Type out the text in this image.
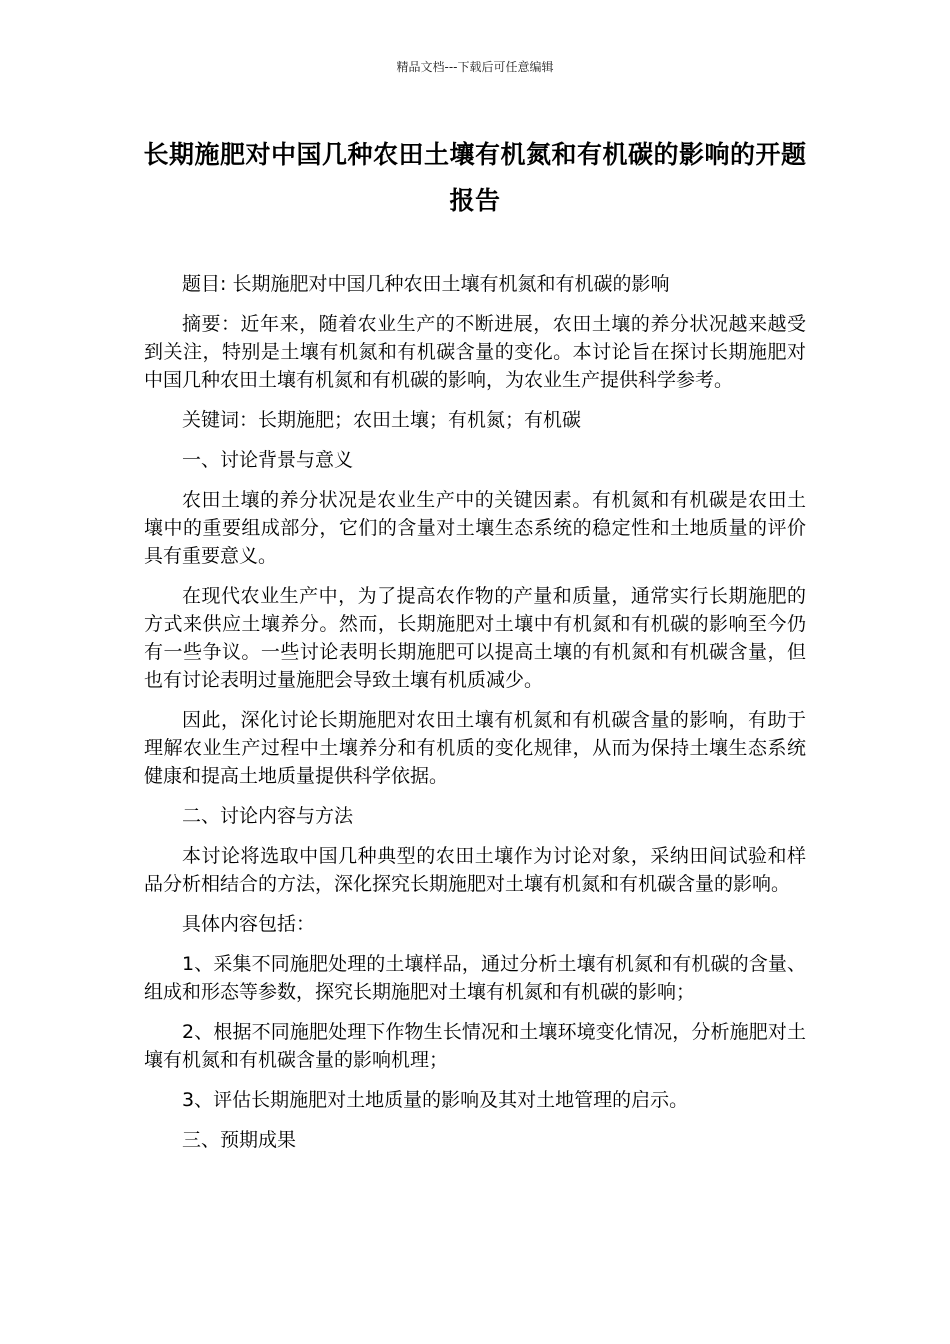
精品文档---下载后可任意编辑
长期施肥对中国几种农田土壤有机氮和有机碳的影响的开题报告

题目: 长期施肥对中国几种农田土壤有机氮和有机碳的影响

摘要：近年来，随着农业生产的不断进展，农田土壤的养分状况越来越受到关注，特别是土壤有机氮和有机碳含量的变化。本讨论旨在探讨长期施肥对中国几种农田土壤有机氮和有机碳的影响，为农业生产提供科学参考。

关键词：长期施肥；农田土壤；有机氮；有机碳

一、讨论背景与意义

农田土壤的养分状况是农业生产中的关键因素。有机氮和有机碳是农田土壤中的重要组成部分，它们的含量对土壤生态系统的稳定性和土地质量的评价具有重要意义。

在现代农业生产中，为了提高农作物的产量和质量，通常实行长期施肥的方式来供应土壤养分。然而，长期施肥对土壤中有机氮和有机碳的影响至今仍有一些争议。一些讨论表明长期施肥可以提高土壤的有机氮和有机碳含量，但也有讨论表明过量施肥会导致土壤有机质减少。

因此，深化讨论长期施肥对农田土壤有机氮和有机碳含量的影响，有助于理解农业生产过程中土壤养分和有机质的变化规律，从而为保持土壤生态系统健康和提高土地质量提供科学依据。

二、讨论内容与方法

本讨论将选取中国几种典型的农田土壤作为讨论对象，采纳田间试验和样品分析相结合的方法，深化探究长期施肥对土壤有机氮和有机碳含量的影响。

具体内容包括：

1、采集不同施肥处理的土壤样品，通过分析土壤有机氮和有机碳的含量、组成和形态等参数，探究长期施肥对土壤有机氮和有机碳的影响；

2、根据不同施肥处理下作物生长情况和土壤环境变化情况，分析施肥对土壤有机氮和有机碳含量的影响机理；

3、评估长期施肥对土地质量的影响及其对土地管理的启示。

三、预期成果
